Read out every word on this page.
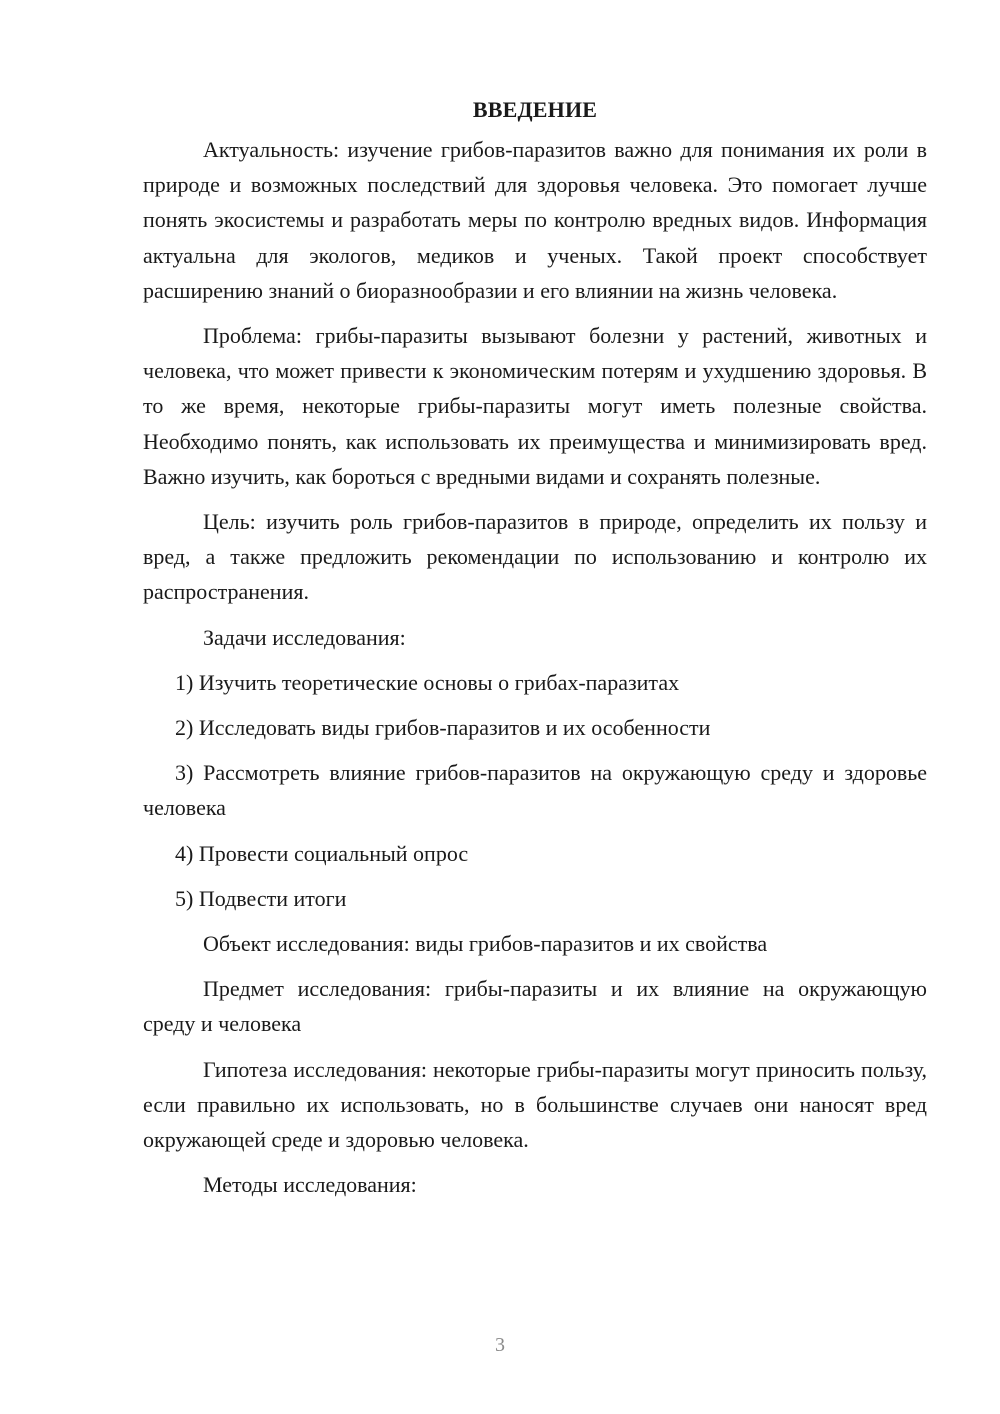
ВВЕДЕНИЕ

Актуальность: изучение грибов-паразитов важно для понимания их роли в природе и возможных последствий для здоровья человека. Это помогает лучше понять экосистемы и разработать меры по контролю вредных видов. Информация актуальна для экологов, медиков и ученых. Такой проект способствует расширению знаний о биоразнообразии и его влиянии на жизнь человека.

Проблема: грибы-паразиты вызывают болезни у растений, животных и человека, что может привести к экономическим потерям и ухудшению здоровья. В то же время, некоторые грибы-паразиты могут иметь полезные свойства. Необходимо понять, как использовать их преимущества и минимизировать вред. Важно изучить, как бороться с вредными видами и сохранять полезные.

Цель: изучить роль грибов-паразитов в природе, определить их пользу и вред, а также предложить рекомендации по использованию и контролю их распространения.

Задачи исследования:

1) Изучить теоретические основы о грибах-паразитах

2) Исследовать виды грибов-паразитов и их особенности

3) Рассмотреть влияние грибов-паразитов на окружающую среду и здоровье человека

4) Провести социальный опрос

5) Подвести итоги

Объект исследования: виды грибов-паразитов и их свойства

Предмет исследования: грибы-паразиты и их влияние на окружающую среду и человека

Гипотеза исследования: некоторые грибы-паразиты могут приносить пользу, если правильно их использовать, но в большинстве случаев они наносят вред окружающей среде и здоровью человека.

Методы исследования:

3
